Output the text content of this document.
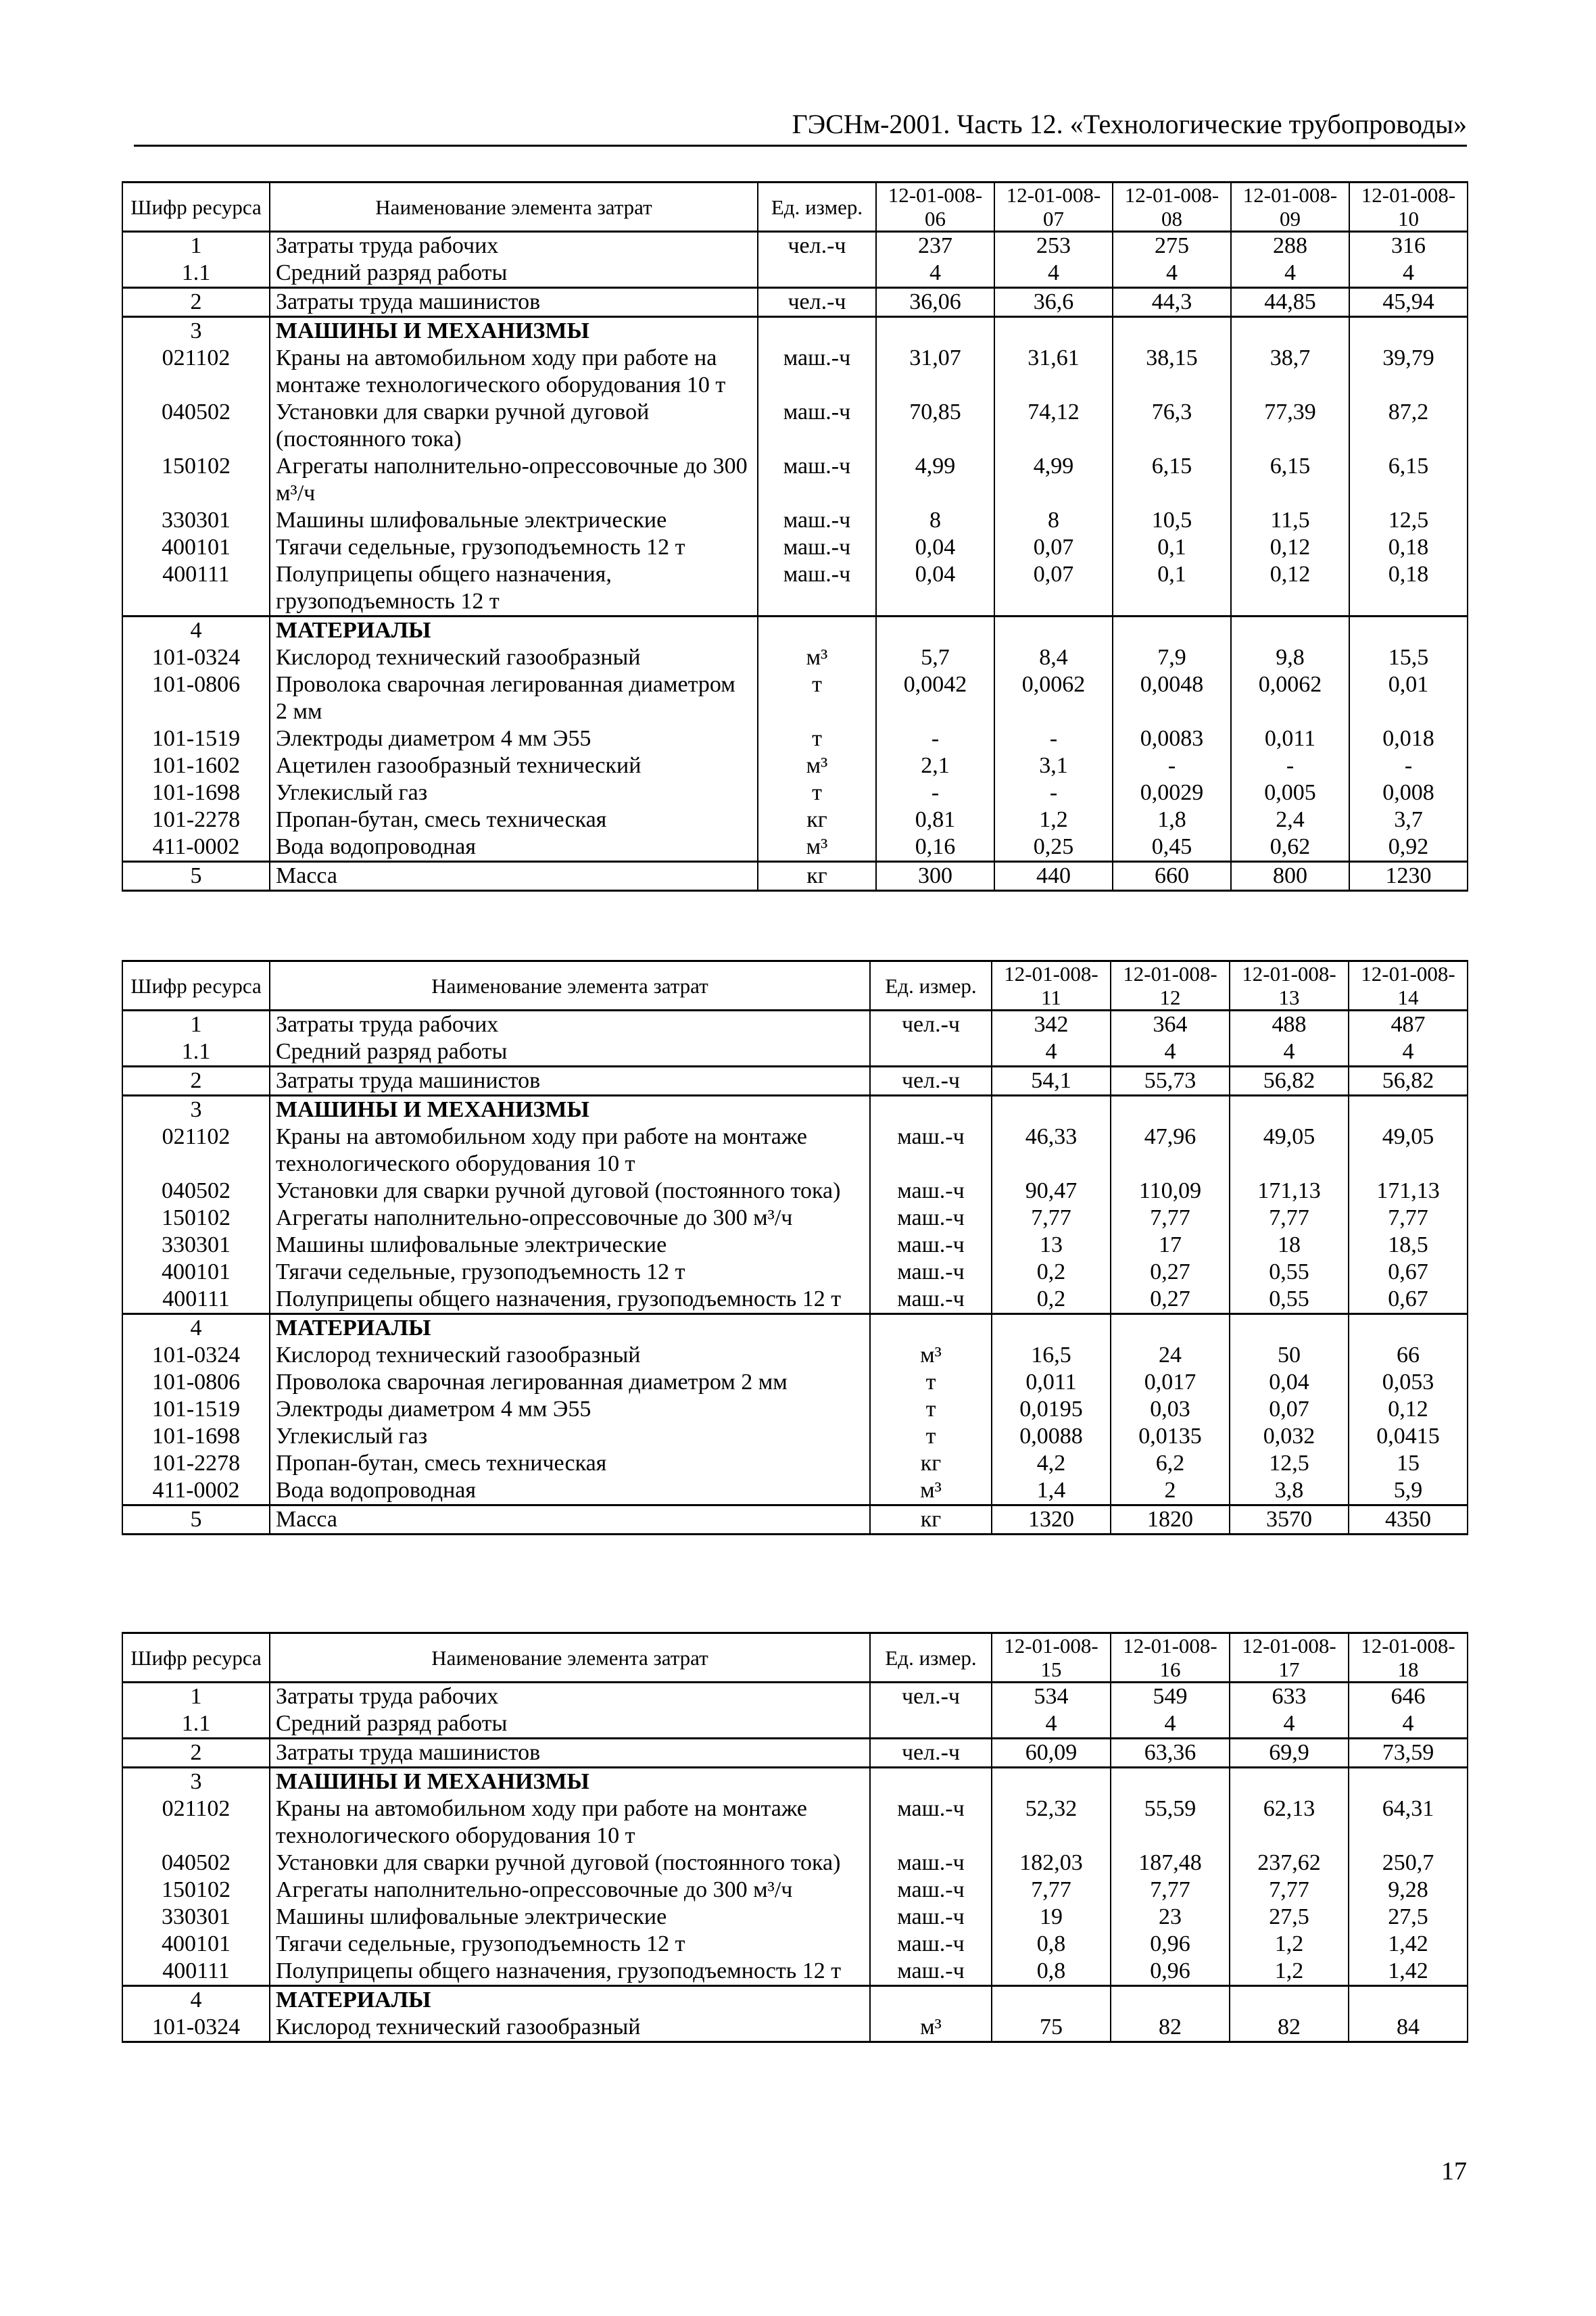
ГЭСНм-2001. Часть 12. «Технологические трубопроводы»
Шифр ресурса	Наименование элемента затрат	Ед. измер.	12-01-008-06	12-01-008-07	12-01-008-08	12-01-008-09	12-01-008-10
1	Затраты труда рабочих	чел.-ч	237	253	275	288	316
1.1	Средний разряд работы		4	4	4	4	4
2	Затраты труда машинистов	чел.-ч	36,06	36,6	44,3	44,85	45,94
3	МАШИНЫ И МЕХАНИЗМЫ						
021102	Краны на автомобильном ходу при работе на монтаже технологического оборудования 10 т	маш.-ч	31,07	31,61	38,15	38,7	39,79
040502	Установки для сварки ручной дуговой (постоянного тока)	маш.-ч	70,85	74,12	76,3	77,39	87,2
150102	Агрегаты наполнительно-опрессовочные до 300 м³/ч	маш.-ч	4,99	4,99	6,15	6,15	6,15
330301	Машины шлифовальные электрические	маш.-ч	8	8	10,5	11,5	12,5
400101	Тягачи седельные, грузоподъемность 12 т	маш.-ч	0,04	0,07	0,1	0,12	0,18
400111	Полуприцепы общего назначения, грузоподъемность 12 т	маш.-ч	0,04	0,07	0,1	0,12	0,18
4	МАТЕРИАЛЫ						
101-0324	Кислород технический газообразный	м³	5,7	8,4	7,9	9,8	15,5
101-0806	Проволока сварочная легированная диаметром 2 мм	т	0,0042	0,0062	0,0048	0,0062	0,01
101-1519	Электроды диаметром 4 мм Э55	т	-	-	0,0083	0,011	0,018
101-1602	Ацетилен газообразный технический	м³	2,1	3,1	-	-	-
101-1698	Углекислый газ	т	-	-	0,0029	0,005	0,008
101-2278	Пропан-бутан, смесь техническая	кг	0,81	1,2	1,8	2,4	3,7
411-0002	Вода водопроводная	м³	0,16	0,25	0,45	0,62	0,92
5	Масса	кг	300	440	660	800	1230
Шифр ресурса	Наименование элемента затрат	Ед. измер.	12-01-008-11	12-01-008-12	12-01-008-13	12-01-008-14
1	Затраты труда рабочих	чел.-ч	342	364	488	487
1.1	Средний разряд работы		4	4	4	4
2	Затраты труда машинистов	чел.-ч	54,1	55,73	56,82	56,82
3	МАШИНЫ И МЕХАНИЗМЫ					
021102	Краны на автомобильном ходу при работе на монтаже технологического оборудования 10 т	маш.-ч	46,33	47,96	49,05	49,05
040502	Установки для сварки ручной дуговой (постоянного тока)	маш.-ч	90,47	110,09	171,13	171,13
150102	Агрегаты наполнительно-опрессовочные до 300 м³/ч	маш.-ч	7,77	7,77	7,77	7,77
330301	Машины шлифовальные электрические	маш.-ч	13	17	18	18,5
400101	Тягачи седельные, грузоподъемность 12 т	маш.-ч	0,2	0,27	0,55	0,67
400111	Полуприцепы общего назначения, грузоподъемность 12 т	маш.-ч	0,2	0,27	0,55	0,67
4	МАТЕРИАЛЫ					
101-0324	Кислород технический газообразный	м³	16,5	24	50	66
101-0806	Проволока сварочная легированная диаметром 2 мм	т	0,011	0,017	0,04	0,053
101-1519	Электроды диаметром 4 мм Э55	т	0,0195	0,03	0,07	0,12
101-1698	Углекислый газ	т	0,0088	0,0135	0,032	0,0415
101-2278	Пропан-бутан, смесь техническая	кг	4,2	6,2	12,5	15
411-0002	Вода водопроводная	м³	1,4	2	3,8	5,9
5	Масса	кг	1320	1820	3570	4350
Шифр ресурса	Наименование элемента затрат	Ед. измер.	12-01-008-15	12-01-008-16	12-01-008-17	12-01-008-18
1	Затраты труда рабочих	чел.-ч	534	549	633	646
1.1	Средний разряд работы		4	4	4	4
2	Затраты труда машинистов	чел.-ч	60,09	63,36	69,9	73,59
3	МАШИНЫ И МЕХАНИЗМЫ					
021102	Краны на автомобильном ходу при работе на монтаже технологического оборудования 10 т	маш.-ч	52,32	55,59	62,13	64,31
040502	Установки для сварки ручной дуговой (постоянного тока)	маш.-ч	182,03	187,48	237,62	250,7
150102	Агрегаты наполнительно-опрессовочные до 300 м³/ч	маш.-ч	7,77	7,77	7,77	9,28
330301	Машины шлифовальные электрические	маш.-ч	19	23	27,5	27,5
400101	Тягачи седельные, грузоподъемность 12 т	маш.-ч	0,8	0,96	1,2	1,42
400111	Полуприцепы общего назначения, грузоподъемность 12 т	маш.-ч	0,8	0,96	1,2	1,42
4	МАТЕРИАЛЫ					
101-0324	Кислород технический газообразный	м³	75	82	82	84
17
